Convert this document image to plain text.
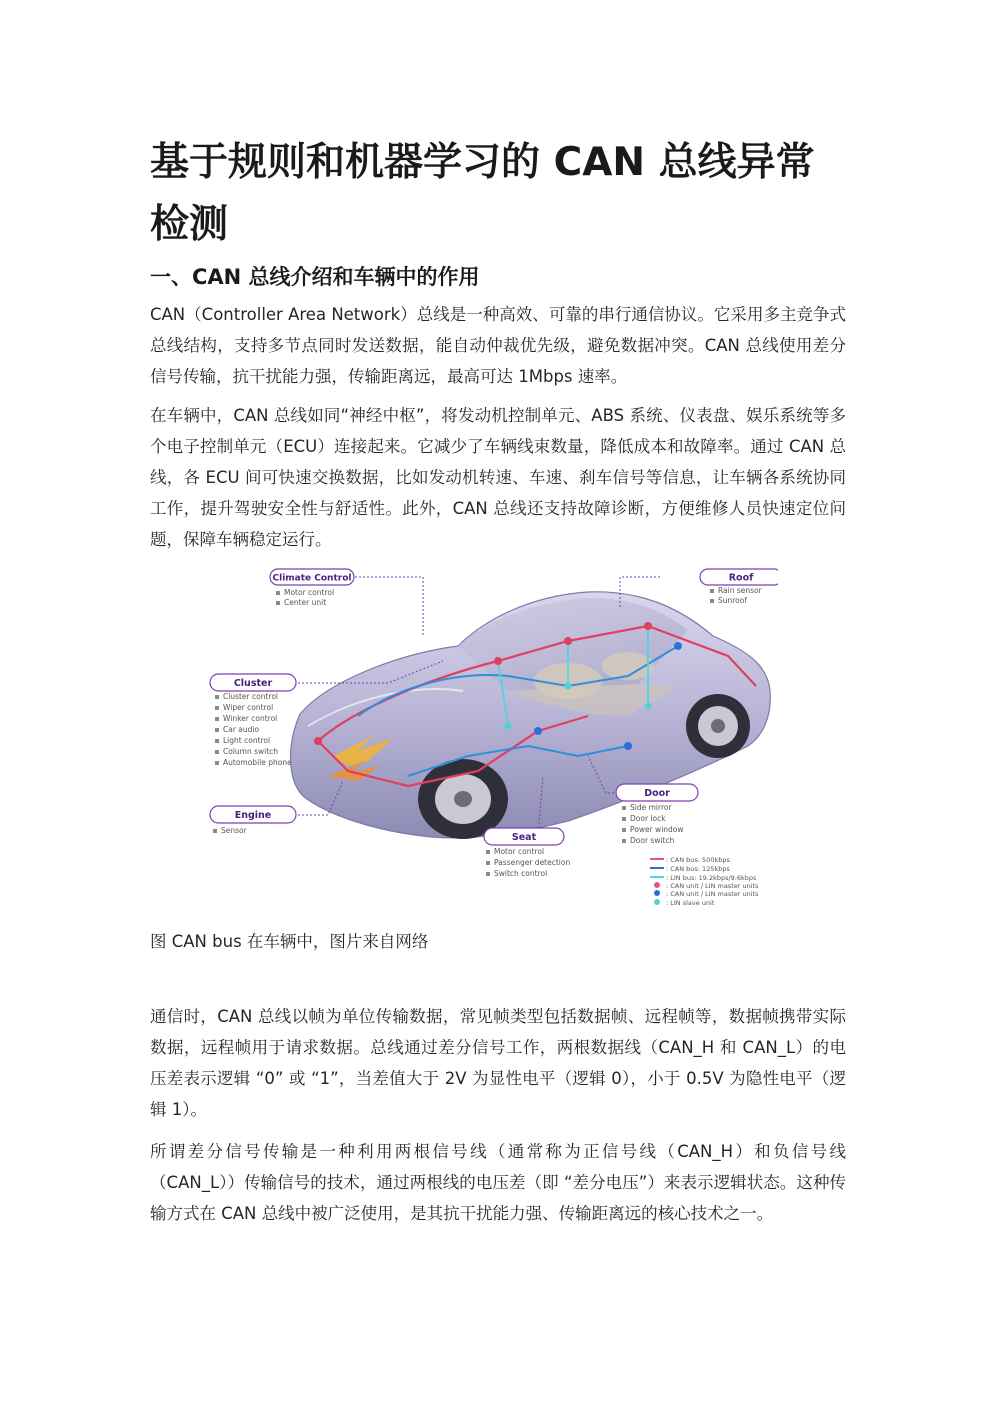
基于规则和机器学习的 CAN 总线异常检测
一、CAN 总线介绍和车辆中的作用

CAN（Controller Area Network）总线是一种高效、可靠的串行通信协议。它采用多主竞争式总线结构，支持多节点同时发送数据，能自动仲裁优先级，避免数据冲突。CAN 总线使用差分信号传输，抗干扰能力强，传输距离远，最高可达 1Mbps 速率。

在车辆中，CAN 总线如同“神经中枢”，将发动机控制单元、ABS 系统、仪表盘、娱乐系统等多个电子控制单元（ECU）连接起来。它减少了车辆线束数量，降低成本和故障率。通过 CAN 总线，各 ECU 间可快速交换数据，比如发动机转速、车速、刹车信号等信息，让车辆各系统协同工作，提升驾驶安全性与舒适性。此外，CAN 总线还支持故障诊断，方便维修人员快速定位问题，保障车辆稳定运行。

Climate Control
Motor control
Center unit
Roof
Rain sensor
Sunroof
Cluster
Cluster control
Wiper control
Winker control
Car audio
Light control
Column switch
Automobile phone
Engine
Sensor
Seat
Motor control
Passenger detection
Switch control
Door
Side mirror
Door lock
Power window
Door switch
: CAN bus: 500kbps
: CAN bus: 125kbps
: LIN bus: 19.2kbps/9.6kbps
: CAN unit / LIN master units
: CAN unit / LIN master units
: LIN slave unit

图 CAN bus 在车辆中，图片来自网络

通信时，CAN 总线以帧为单位传输数据，常见帧类型包括数据帧、远程帧等，数据帧携带实际数据，远程帧用于请求数据。总线通过差分信号工作，两根数据线（CAN_H 和 CAN_L）的电压差表示逻辑 “0” 或 “1”，当差值大于 2V 为显性电平（逻辑 0），小于 0.5V 为隐性电平（逻辑 1）。

所谓差分信号传输是一种利用两根信号线（通常称为正信号线（CAN_H）和负信号线（CAN_L））传输信号的技术，通过两根线的电压差（即 “差分电压”）来表示逻辑状态。这种传输方式在 CAN 总线中被广泛使用，是其抗干扰能力强、传输距离远的核心技术之一。
